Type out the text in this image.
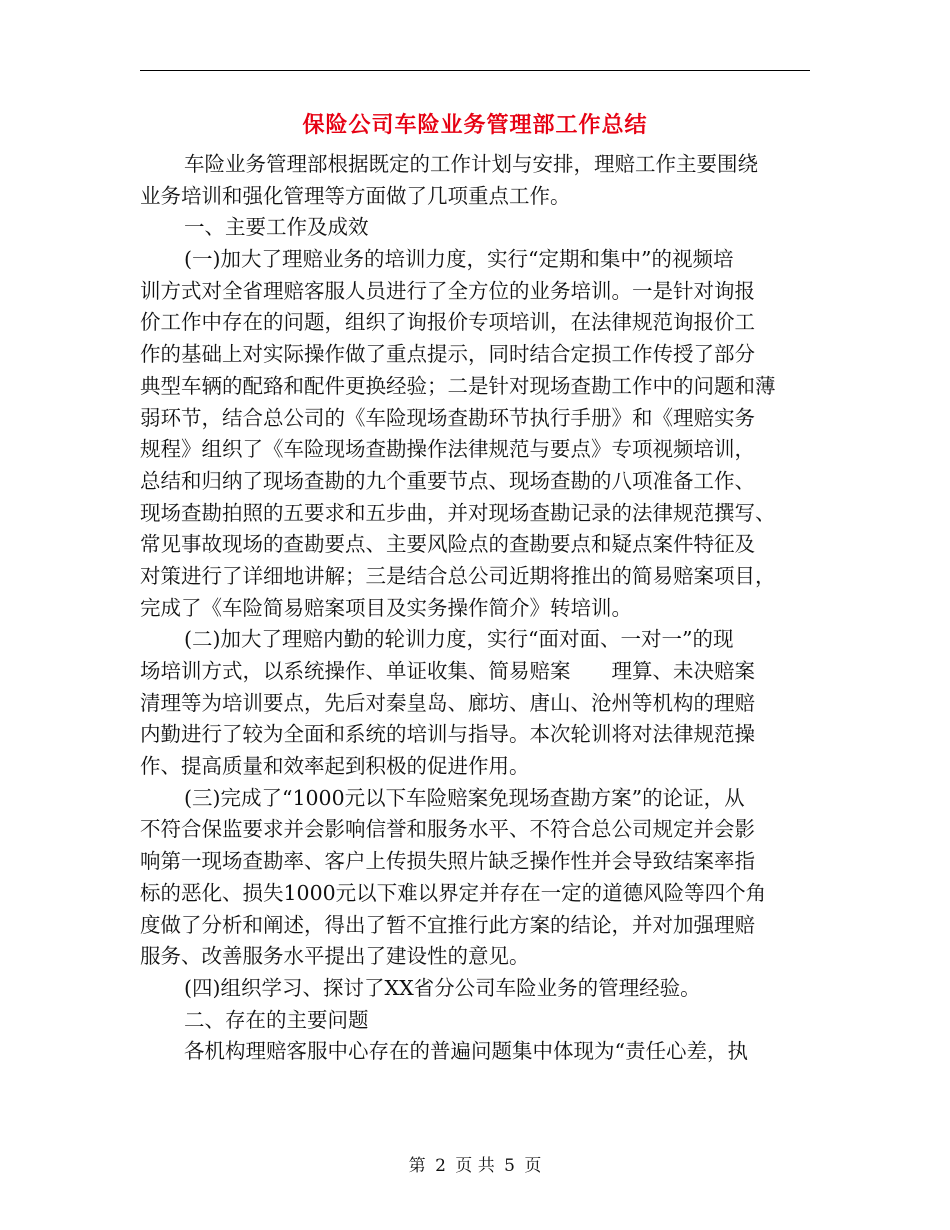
保险公司车险业务管理部工作总结
车险业务管理部根据既定的工作计划与安排，理赔工作主要围绕
业务培训和强化管理等方面做了几项重点工作。
一、主要工作及成效
(一)加大了理赔业务的培训力度，实行“定期和集中”的视频培
训方式对全省理赔客服人员进行了全方位的业务培训。一是针对询报
价工作中存在的问题，组织了询报价专项培训，在法律规范询报价工
作的基础上对实际操作做了重点提示，同时结合定损工作传授了部分
典型车辆的配臵和配件更换经验；二是针对现场查勘工作中的问题和薄
弱环节，结合总公司的《车险现场查勘环节执行手册》和《理赔实务
规程》组织了《车险现场查勘操作法律规范与要点》专项视频培训，
总结和归纳了现场查勘的九个重要节点、现场查勘的八项准备工作、
现场查勘拍照的五要求和五步曲，并对现场查勘记录的法律规范撰写、
常见事故现场的查勘要点、主要风险点的查勘要点和疑点案件特征及
对策进行了详细地讲解；三是结合总公司近期将推出的简易赔案项目，
完成了《车险简易赔案项目及实务操作简介》转培训。
(二)加大了理赔内勤的轮训力度，实行“面对面、一对一”的现
场培训方式，以系统操作、单证收集、简易赔案　　理算、未决赔案
清理等为培训要点，先后对秦皇岛、廊坊、唐山、沧州等机构的理赔
内勤进行了较为全面和系统的培训与指导。本次轮训将对法律规范操
作、提高质量和效率起到积极的促进作用。
(三)完成了“1000元以下车险赔案免现场查勘方案”的论证，从
不符合保监要求并会影响信誉和服务水平、不符合总公司规定并会影
响第一现场查勘率、客户上传损失照片缺乏操作性并会导致结案率指
标的恶化、损失1000元以下难以界定并存在一定的道德风险等四个角
度做了分析和阐述，得出了暂不宜推行此方案的结论，并对加强理赔
服务、改善服务水平提出了建设性的意见。
(四)组织学习、探讨了XX省分公司车险业务的管理经验。
二、存在的主要问题
各机构理赔客服中心存在的普遍问题集中体现为“责任心差，执
第 2 页 共 5 页
